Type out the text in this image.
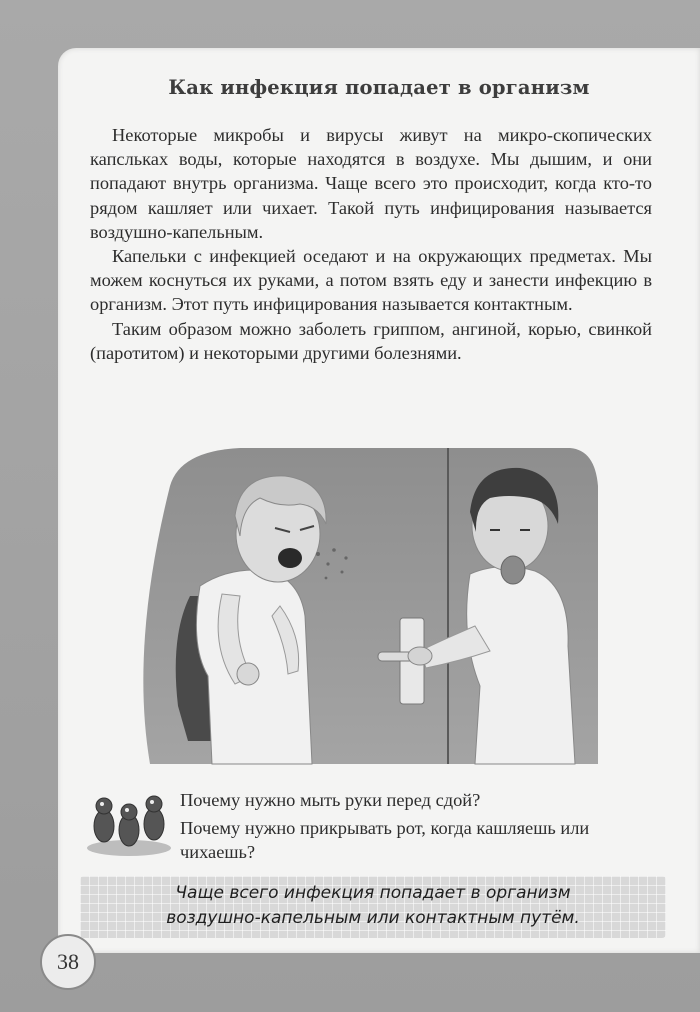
Как инфекция попадает в организм

Некоторые микробы и вирусы живут на микро-скопических капсльках воды, которые находятся в воздухе. Мы дышим, и они попадают внутрь организма. Чаще всего это происходит, когда кто-то рядом кашляет или чихает. Такой путь инфицирования называется воздушно-капельным.

Капельки с инфекцией оседают и на окружающих предметах. Мы можем коснуться их руками, а потом взять еду и занести инфекцию в организм. Этот путь инфицирования называется контактным.

Таким образом можно заболеть гриппом, ангиной, корью, свинкой (паротитом) и некоторыми другими болезнями.

Почему нужно мыть руки перед сдой?

Почему нужно прикрывать рот, когда кашляешь или чихаешь?

Чаще всего инфекция попадает в организм
воздушно-капельным или контактным путём.
38
